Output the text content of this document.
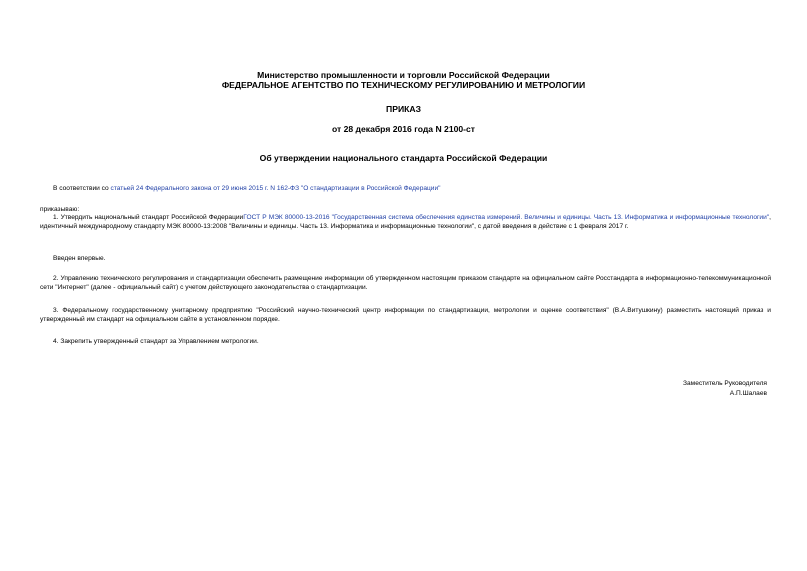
Министерство промышленности и торговли Российской Федерации
ФЕДЕРАЛЬНОЕ АГЕНТСТВО ПО ТЕХНИЧЕСКОМУ РЕГУЛИРОВАНИЮ И МЕТРОЛОГИИ
ПРИКАЗ
от 28 декабря 2016 года N 2100-ст
Об утверждении национального стандарта Российской Федерации
В соответствии со статьей 24 Федерального закона от 29 июня 2015 г. N 162-ФЗ "О стандартизации в Российской Федерации"
приказываю:
1. Утвердить национальный стандарт Российской ФедерацииГОСТ Р МЭК 80000-13-2016 "Государственная система обеспечения единства измерений. Величины и единицы. Часть 13. Информатика и информационные технологии", идентичный международному стандарту МЭК 80000-13:2008 "Величины и единицы. Часть 13. Информатика и информационные технологии", с датой введения в действие с 1 февраля 2017 г.
Введен впервые.
2. Управлению технического регулирования и стандартизации обеспечить размещение информации об утвержденном настоящим приказом стандарте на официальном сайте Росстандарта в информационно-телекоммуникационной сети "Интернет" (далее - официальный сайт) с учетом действующего законодательства о стандартизации.
3. Федеральному государственному унитарному предприятию "Российский научно-технический центр информации по стандартизации, метрологии и оценке соответствия" (В.А.Витушкину) разместить настоящий приказ и утвержденный им стандарт на официальном сайте в установленном порядке.
4. Закрепить утвержденный стандарт за Управлением метрологии.
Заместитель Руководителя
А.П.Шалаев
